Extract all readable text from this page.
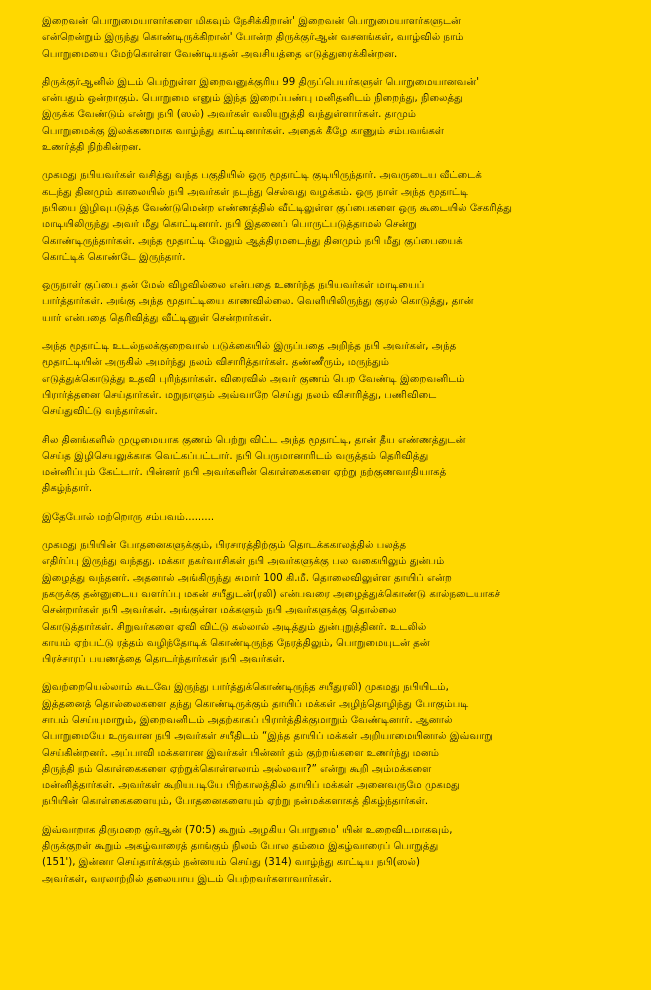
இறைவன் பொறுமையாளர்களை மிகவும் நேசிக்கிறான்' இறைவன் பொறுமையாளர்களுடன்
என்றென்றும் இருந்து கொண்டிருக்கிறான்' போன்ற திருக்குர்ஆன் வசனங்கள், வாழ்வில் நாம்
பொறுமையை மேற்கொள்ள வேண்டியதன் அவசியத்தை எடுத்துரைக்கின்றன.
திருக்குர்ஆனில் இடம் பெற்றுள்ள இறைவனுக்குரிய 99 திருப்பெயர்களுள் பொறுமையானவன்'
என்பதும் ஒன்றாகும். பொறுமை எனும் இந்த இறைப்பண்பு மனிதனிடம் நிறைந்து, நிலைத்து
இருக்க வேண்டும் என்று நபி (ஸல்) அவர்கள் வலியுறுத்தி வந்துள்ளார்கள். தாமும்
பொறுமைக்கு இலக்கணமாக வாழ்ந்து காட்டினார்கள். அதைக் கீழே காணும் சம்பவங்கள்
உணர்த்தி நிற்கின்றன.
முகமது நபியவர்கள் வசித்து வந்த பகுதியில் ஒரு மூதாட்டி குடியிருந்தார். அவருடைய வீட்டைக்
கடந்து தினமும் காலையில் நபி அவர்கள் நடந்து செல்வது வழக்கம். ஒரு நாள் அந்த மூதாட்டி
நபியை இழிவுபடுத்த வேண்டுமென்ற எண்ணத்தில் வீட்டிலுள்ள குப்பைகளை ஒரு கூடையில் சேகரித்து
மாடியிலிருந்து அவர் மீது கொட்டினார். நபி இதனைப் பொருட்படுத்தாமல் சென்று
கொண்டிருந்தார்கள். அந்த மூதாட்டி மேலும் ஆத்திரமடைந்து தினமும் நபி மீது குப்பையைக்
கொட்டிக் கொண்டே இருந்தார்.
ஒருநாள் குப்பை தன் மேல் விழவில்லை என்பதை உணர்ந்த நபியவர்கள் மாடியைப்
பார்த்தார்கள். அங்கு அந்த மூதாட்டியை காணவில்லை. வெளியிலிருந்து குரல் கொடுத்து, தான்
யார் என்பதை தெரிவித்து வீட்டினுள் சென்றார்கள்.
அந்த மூதாட்டி உடல்நலக்குறைவால் படுக்கையில் இருப்பதை அறிந்த நபி அவர்கள், அந்த
மூதாட்டியின் அருகில் அமர்ந்து நலம் விசாரித்தார்கள். தண்ணீரும், மருந்தும்
எடுத்துக்கொடுத்து உதவி புரிந்தார்கள். விரைவில் அவர் குணம் பெற வேண்டி இறைவனிடம்
பிரார்த்தனை செய்தார்கள். மறுநாளும் அவ்வாறே செய்து நலம் விசாரித்து, பணிவிடை
செய்துவிட்டு வந்தார்கள்.
சில தினங்களில் முழுமையாக குணம் பெற்று விட்ட அந்த மூதாட்டி, தான் தீய எண்ணத்துடன்
செய்த இழிசெயலுக்காக வெட்கப்பட்டார். நபி பெருமானாரிடம் வருத்தம் தெரிவித்து
மன்னிப்பும் கேட்டார். பின்னர் நபி அவர்களின் கொள்கைகளை ஏற்று நற்குணவாதியாகத்
திகழ்ந்தார்.
இதேபோல் மற்றொரு சம்பவம்.........
முகமது நபியின் போதனைகளுக்கும், பிரசாரத்திற்கும் தொடக்ககாலத்தில் பலத்த
எதிர்ப்பு இருந்து வந்தது. மக்கா நகர்வாசிகள் நபி அவர்களுக்கு பல வகையிலும் துன்பம்
இழைத்து வந்தனர். அதனால் அங்கிருந்து சுமார் 100 கி.மீ. தொலைவிலுள்ள தாயிப் என்ற
நகருக்கு தன்னுடைய வளர்ப்பு மகன் சயீதுடன்(ரலி) என்பவரை அழைத்துக்கொண்டு கால்நடையாகச்
சென்றார்கள் நபி அவர்கள். அங்குள்ள மக்களும் நபி அவர்களுக்கு தொல்லை
கொடுத்தார்கள். சிறுவர்களை ஏவி விட்டு கல்லால் அடித்தும் துன்புறுத்தினர். உடலில்
காயம் ஏற்பட்டு ரத்தம் வழிந்தோடிக் கொண்டிருந்த நேரத்திலும், பொறுமையுடன் தன்
பிரச்சாரப் பயணத்தை தொடர்ந்தார்கள் நபி அவர்கள்.
இவற்றையெல்லாம் கூடவே இருந்து பார்த்துக்கொண்டிருந்த சயீதுரலி) முகமது நபியிடம்,
இத்தனைத் தொல்லைகளை தந்து கொண்டிருக்கும் தாயிப் மக்கள் அழிந்தொழிந்து போகும்படி
சாபம் செய்யுமாறும், இறைவனிடம் அதற்காகப் பிரார்த்திக்குமாறும் வேண்டினார். ஆனால்
பொறுமையே உருவான நபி அவர்கள் சயீதிடம் “இந்த தாயிப் மக்கள் அறியாமையினால் இவ்வாறு
செய்கின்றனர். அப்பாவி மக்களான இவர்கள் பின்னர் தம் குற்றங்களை உணர்ந்து மனம்
திருந்தி நம் கொள்கைகளை ஏற்றுக்கொள்ளலாம் அல்லவா?” என்று கூறி அம்மக்களை
மன்னித்தார்கள். அவர்கள் கூறியபடியே பிற்காலத்தில் தாயிப் மக்கள் அனைவருமே முகமது
நபியின் கொள்கைகளையும், போதனைகளையும் ஏற்று நன்மக்களாகத் திகழ்ந்தார்கள்.
இவ்வாறாக திருமறை குர்ஆன் (70:5) கூறும் அழகிய பொறுமை' யின் உறைவிடமாகவும்,
திருக்குறள் கூறும் அகழ்வாரைத் தாங்கும் நிலம் போல தம்மை இகழ்வாரைப் பொறுத்து
(151'), இன்னா செய்தார்க்கும் நன்னயம் செய்து (314) வாழ்ந்து காட்டிய நபி(ஸல்)
அவர்கள், வரலாற்றில் தலையாய இடம் பெற்றவர்களாவார்கள்.
